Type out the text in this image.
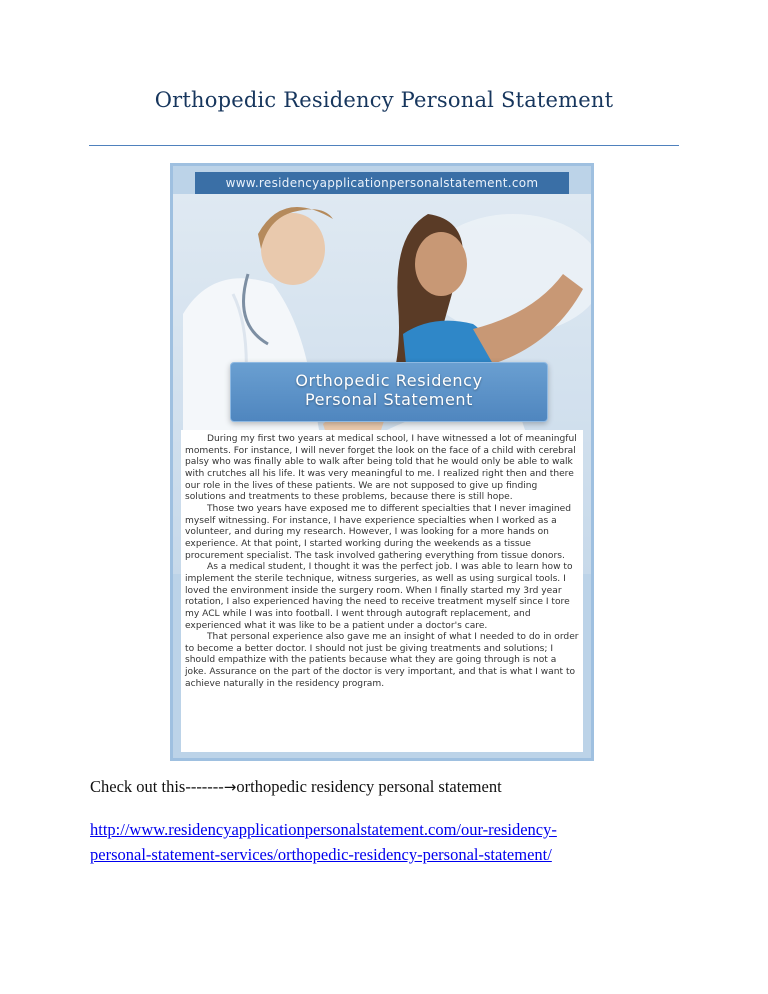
Orthopedic Residency Personal Statement
www.residencyapplicationpersonalstatement.com
Orthopedic Residency
Personal Statement

During my first two years at medical school, I have witnessed a lot of meaningful moments. For instance, I will never forget the look on the face of a child with cerebral palsy who was finally able to walk after being told that he would only be able to walk with crutches all his life. It was very meaningful to me. I realized right then and there our role in the lives of these patients. We are not supposed to give up finding solutions and treatments to these problems, because there is still hope.

Those two years have exposed me to different specialties that I never imagined myself witnessing. For instance, I have experience specialties when I worked as a volunteer, and during my research. However, I was looking for a more hands on experience. At that point, I started working during the weekends as a tissue procurement specialist. The task involved gathering everything from tissue donors.

As a medical student, I thought it was the perfect job. I was able to learn how to implement the sterile technique, witness surgeries, as well as using surgical tools. I loved the environment inside the surgery room. When I finally started my 3rd year rotation, I also experienced having the need to receive treatment myself since I tore my ACL while I was into football. I went through autograft replacement, and experienced what it was like to be a patient under a doctor's care.

That personal experience also gave me an insight of what I needed to do in order to become a better doctor. I should not just be giving treatments and solutions; I should empathize with the patients because what they are going through is not a joke. Assurance on the part of the doctor is very important, and that is what I want to achieve naturally in the residency program.

Check out this-------→orthopedic residency personal statement
http://www.residencyapplicationpersonalstatement.com/our-residency-
personal-statement-services/orthopedic-residency-personal-statement/
